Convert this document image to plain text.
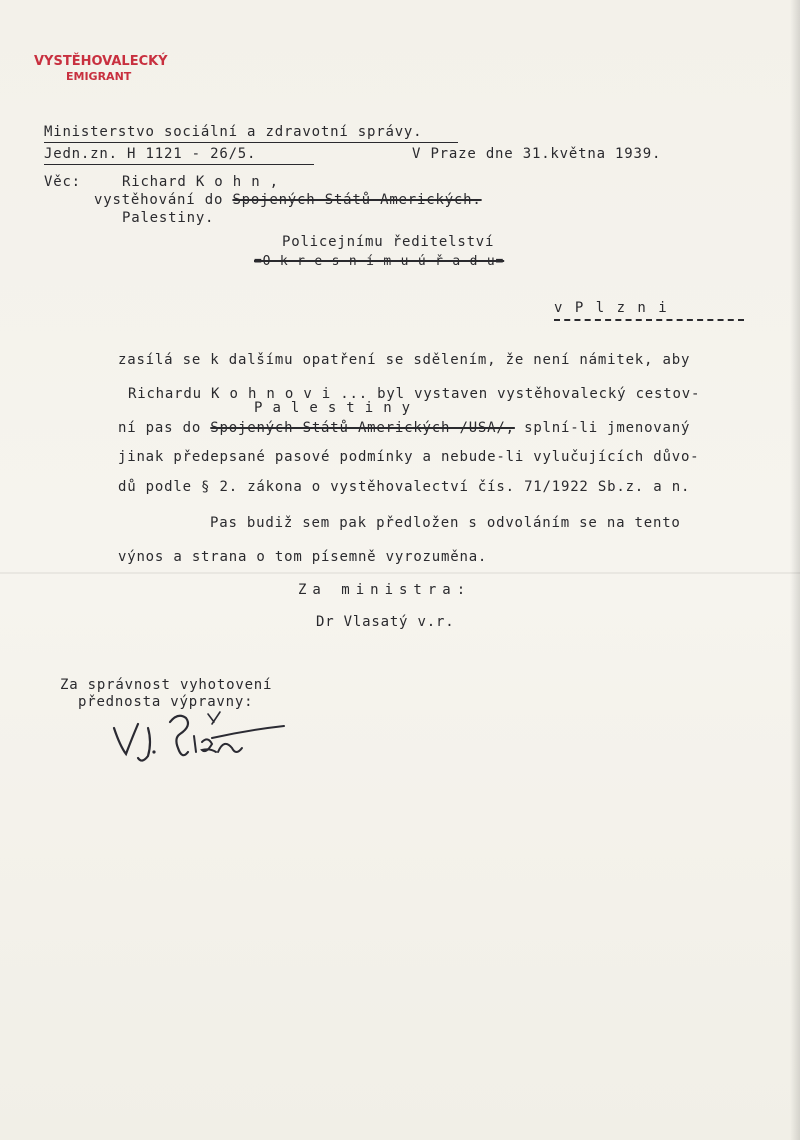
VYSTĚHOVALECKÝ
EMIGRANT
Ministerstvo sociální a zdravotní správy.
Jedn.zn. H 1121 - 26/5.	V Praze dne 31.května 1939.
Věc:	Richard K o h n ,
vystěhování do Spojených Států Amerických.
Palestiny.
Policejnímu ředitelství
=O k r e s n í m u ú ř a d u=
v P l z n i
zasílá se k dalšímu opatření se sdělením, že není námitek, aby
Richardu K o h n o v i ... byl vystaven vystěhovalecký cestov-
P a l e s t i n y
ní pas do Spojených Států Amerických /USA/, splní-li jmenovaný
jinak předepsané pasové podmínky a nebude-li vylučujících důvo-
dů podle § 2. zákona o vystěhovalectví čís. 71/1922 Sb.z. a n.
Pas budiž sem pak předložen s odvoláním se na tento
výnos a strana o tom písemně vyrozuměna.
Za ministra:
Dr Vlasatý v.r.
Za správnost vyhotovení
přednosta výpravny:
